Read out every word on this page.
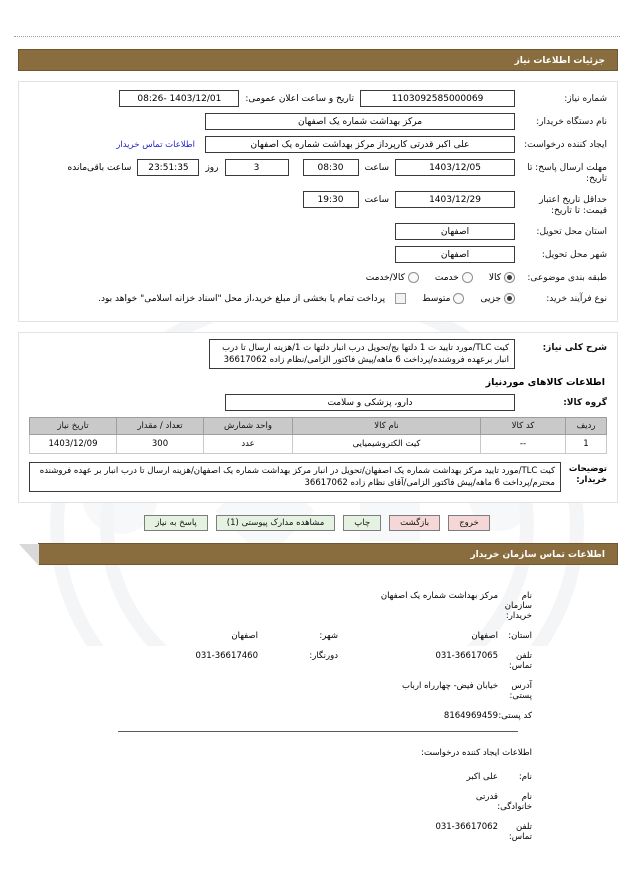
جزئیات اطلاعات نیاز
شماره نیاز:
1103092585000069
تاریخ و ساعت اعلان عمومی:
1403/12/01 -08:26
نام دستگاه خریدار:
مرکز بهداشت شماره یک اصفهان
ایجاد کننده درخواست:
علی اکبر قدرتی کارپرداز مرکز بهداشت شماره یک اصفهان
اطلاعات تماس خریدار
مهلت ارسال پاسخ: تا تاریخ:
1403/12/05
ساعت
08:30
3
روز
23:51:35
ساعت باقی‌مانده
حداقل تاریخ اعتبار قیمت: تا تاریخ:
1403/12/29
ساعت
19:30
استان محل تحویل:
اصفهان
شهر محل تحویل:
اصفهان
طبقه بندی موضوعی:
کالا
خدمت
کالا/خدمت
نوع فرآیند خرید:
جزیی
متوسط
پرداخت تمام یا بخشی از مبلغ خرید،از محل "اسناد خزانه اسلامی" خواهد بود.
شرح کلی نیاز:
کیت TLC/مورد تایید ت 1 دلتها بج/تحویل درب انبار دلتها ت 1/هزینه ارسال تا درب انبار برعهده فروشنده/پرداخت 6 ماهه/پیش فاکتور الزامی/نظام زاده 36617062
اطلاعات کالاهای موردنیاز
گروه کالا:
دارو، پزشکی و سلامت
ردیف	کد کالا	نام کالا	واحد شمارش	تعداد / مقدار	تاریخ نیاز
1	--	کیت الکتروشیمیایی	عدد	300	1403/12/09
توضیحات خریدار:
کیت TLC/مورد تایید مرکز بهداشت شماره یک اصفهان/تحویل در انبار مرکز بهداشت شماره یک اصفهان/هزینه ارسال تا درب انبار بر عهده فروشنده محترم/پرداخت 6 ماهه/پیش فاکتور الزامی/آقای نظام زاده 36617062
خروج
بازگشت
چاپ
مشاهده مدارک پیوستی (1)
پاسخ به نیاز
اطلاعات تماس سازمان خریدار
نام سازمان خریدار:
مرکز بهداشت شماره یک اصفهان
استان:
اصفهان
شهر:
اصفهان
تلفن تماس:
031-36617065
دورنگار:
031-36617460
آدرس پستی:
خیابان فیض- چهارراه ارباب
کد پستی:
8164969459
اطلاعات ایجاد کننده درخواست:
نام:
علی اکبر
نام خانوادگی:
قدرتی
تلفن تماس:
031-36617062
